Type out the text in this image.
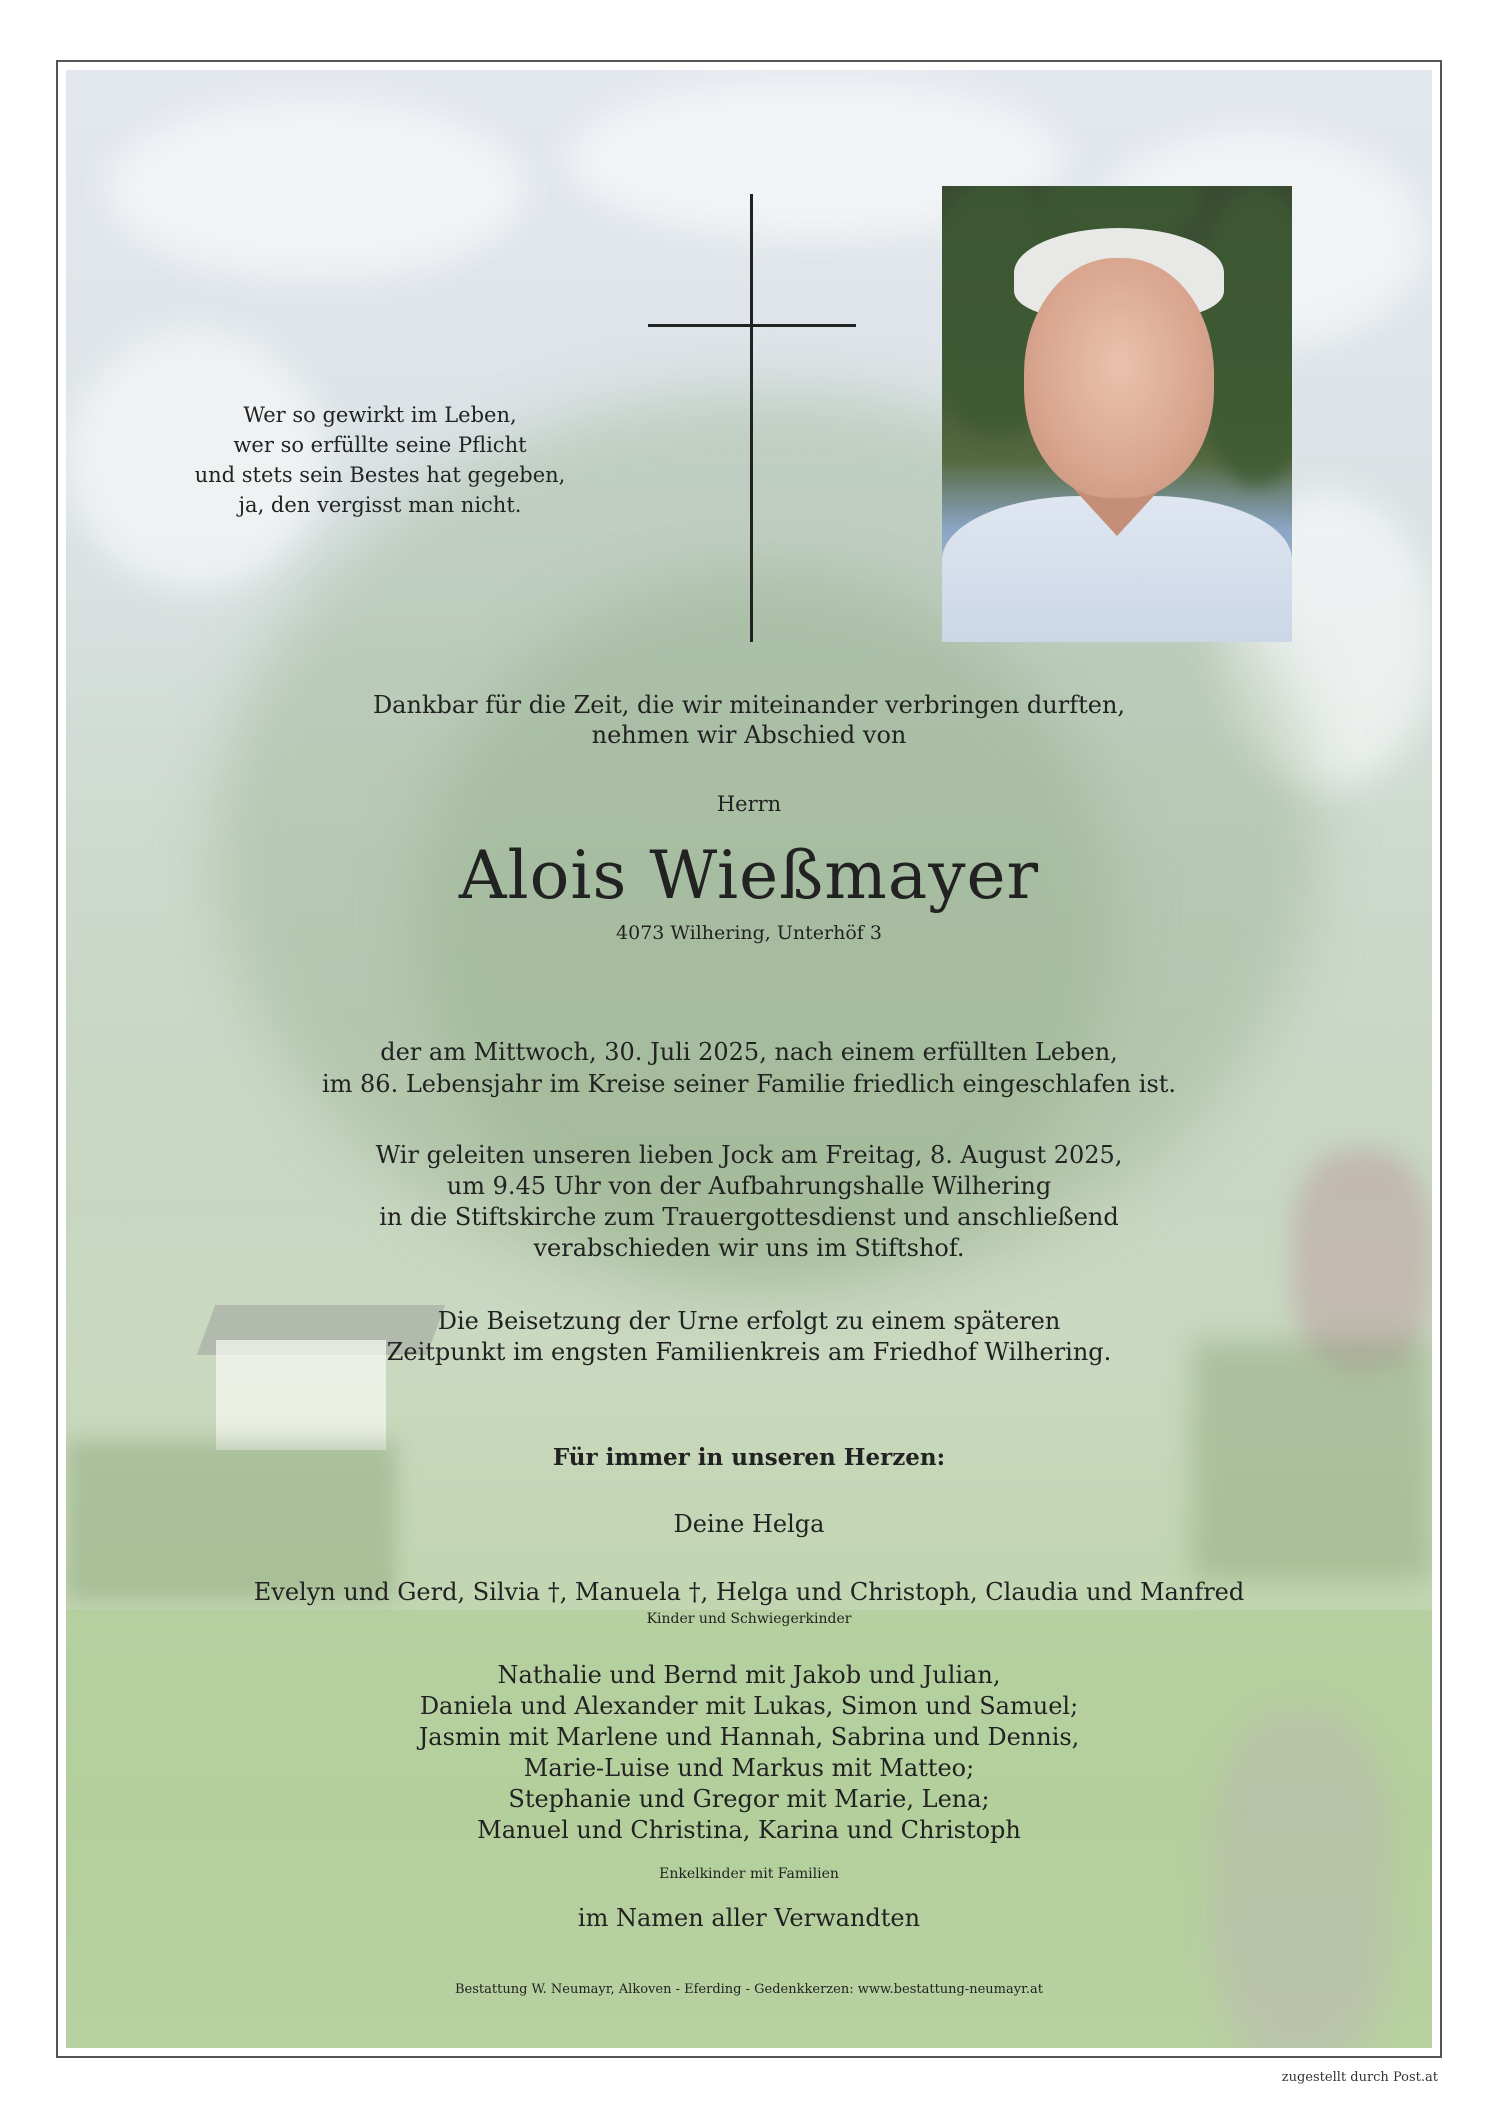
Wer so gewirkt im Leben,
wer so erfüllte seine Pflicht
und stets sein Bestes hat gegeben,
ja, den vergisst man nicht.
Dankbar für die Zeit, die wir miteinander verbringen durften,
nehmen wir Abschied von
Herrn
Alois Wießmayer
4073 Wilhering, Unterhöf 3
der am Mittwoch, 30. Juli 2025, nach einem erfüllten Leben,
im 86. Lebensjahr im Kreise seiner Familie friedlich eingeschlafen ist.
Wir geleiten unseren lieben Jock am Freitag, 8. August 2025,
um 9.45 Uhr von der Aufbahrungshalle Wilhering
in die Stiftskirche zum Trauergottesdienst und anschließend
verabschieden wir uns im Stiftshof.
Die Beisetzung der Urne erfolgt zu einem späteren
Zeitpunkt im engsten Familienkreis am Friedhof Wilhering.
Für immer in unseren Herzen:
Deine Helga
Evelyn und Gerd, Silvia †, Manuela †, Helga und Christoph, Claudia und Manfred
Kinder und Schwiegerkinder
Nathalie und Bernd mit Jakob und Julian,
Daniela und Alexander mit Lukas, Simon und Samuel;
Jasmin mit Marlene und Hannah, Sabrina und Dennis,
Marie-Luise und Markus mit Matteo;
Stephanie und Gregor mit Marie, Lena;
Manuel und Christina, Karina und Christoph
Enkelkinder mit Familien
im Namen aller Verwandten
Bestattung W. Neumayr, Alkoven - Eferding - Gedenkkerzen: www.bestattung-neumayr.at
zugestellt durch Post.at
